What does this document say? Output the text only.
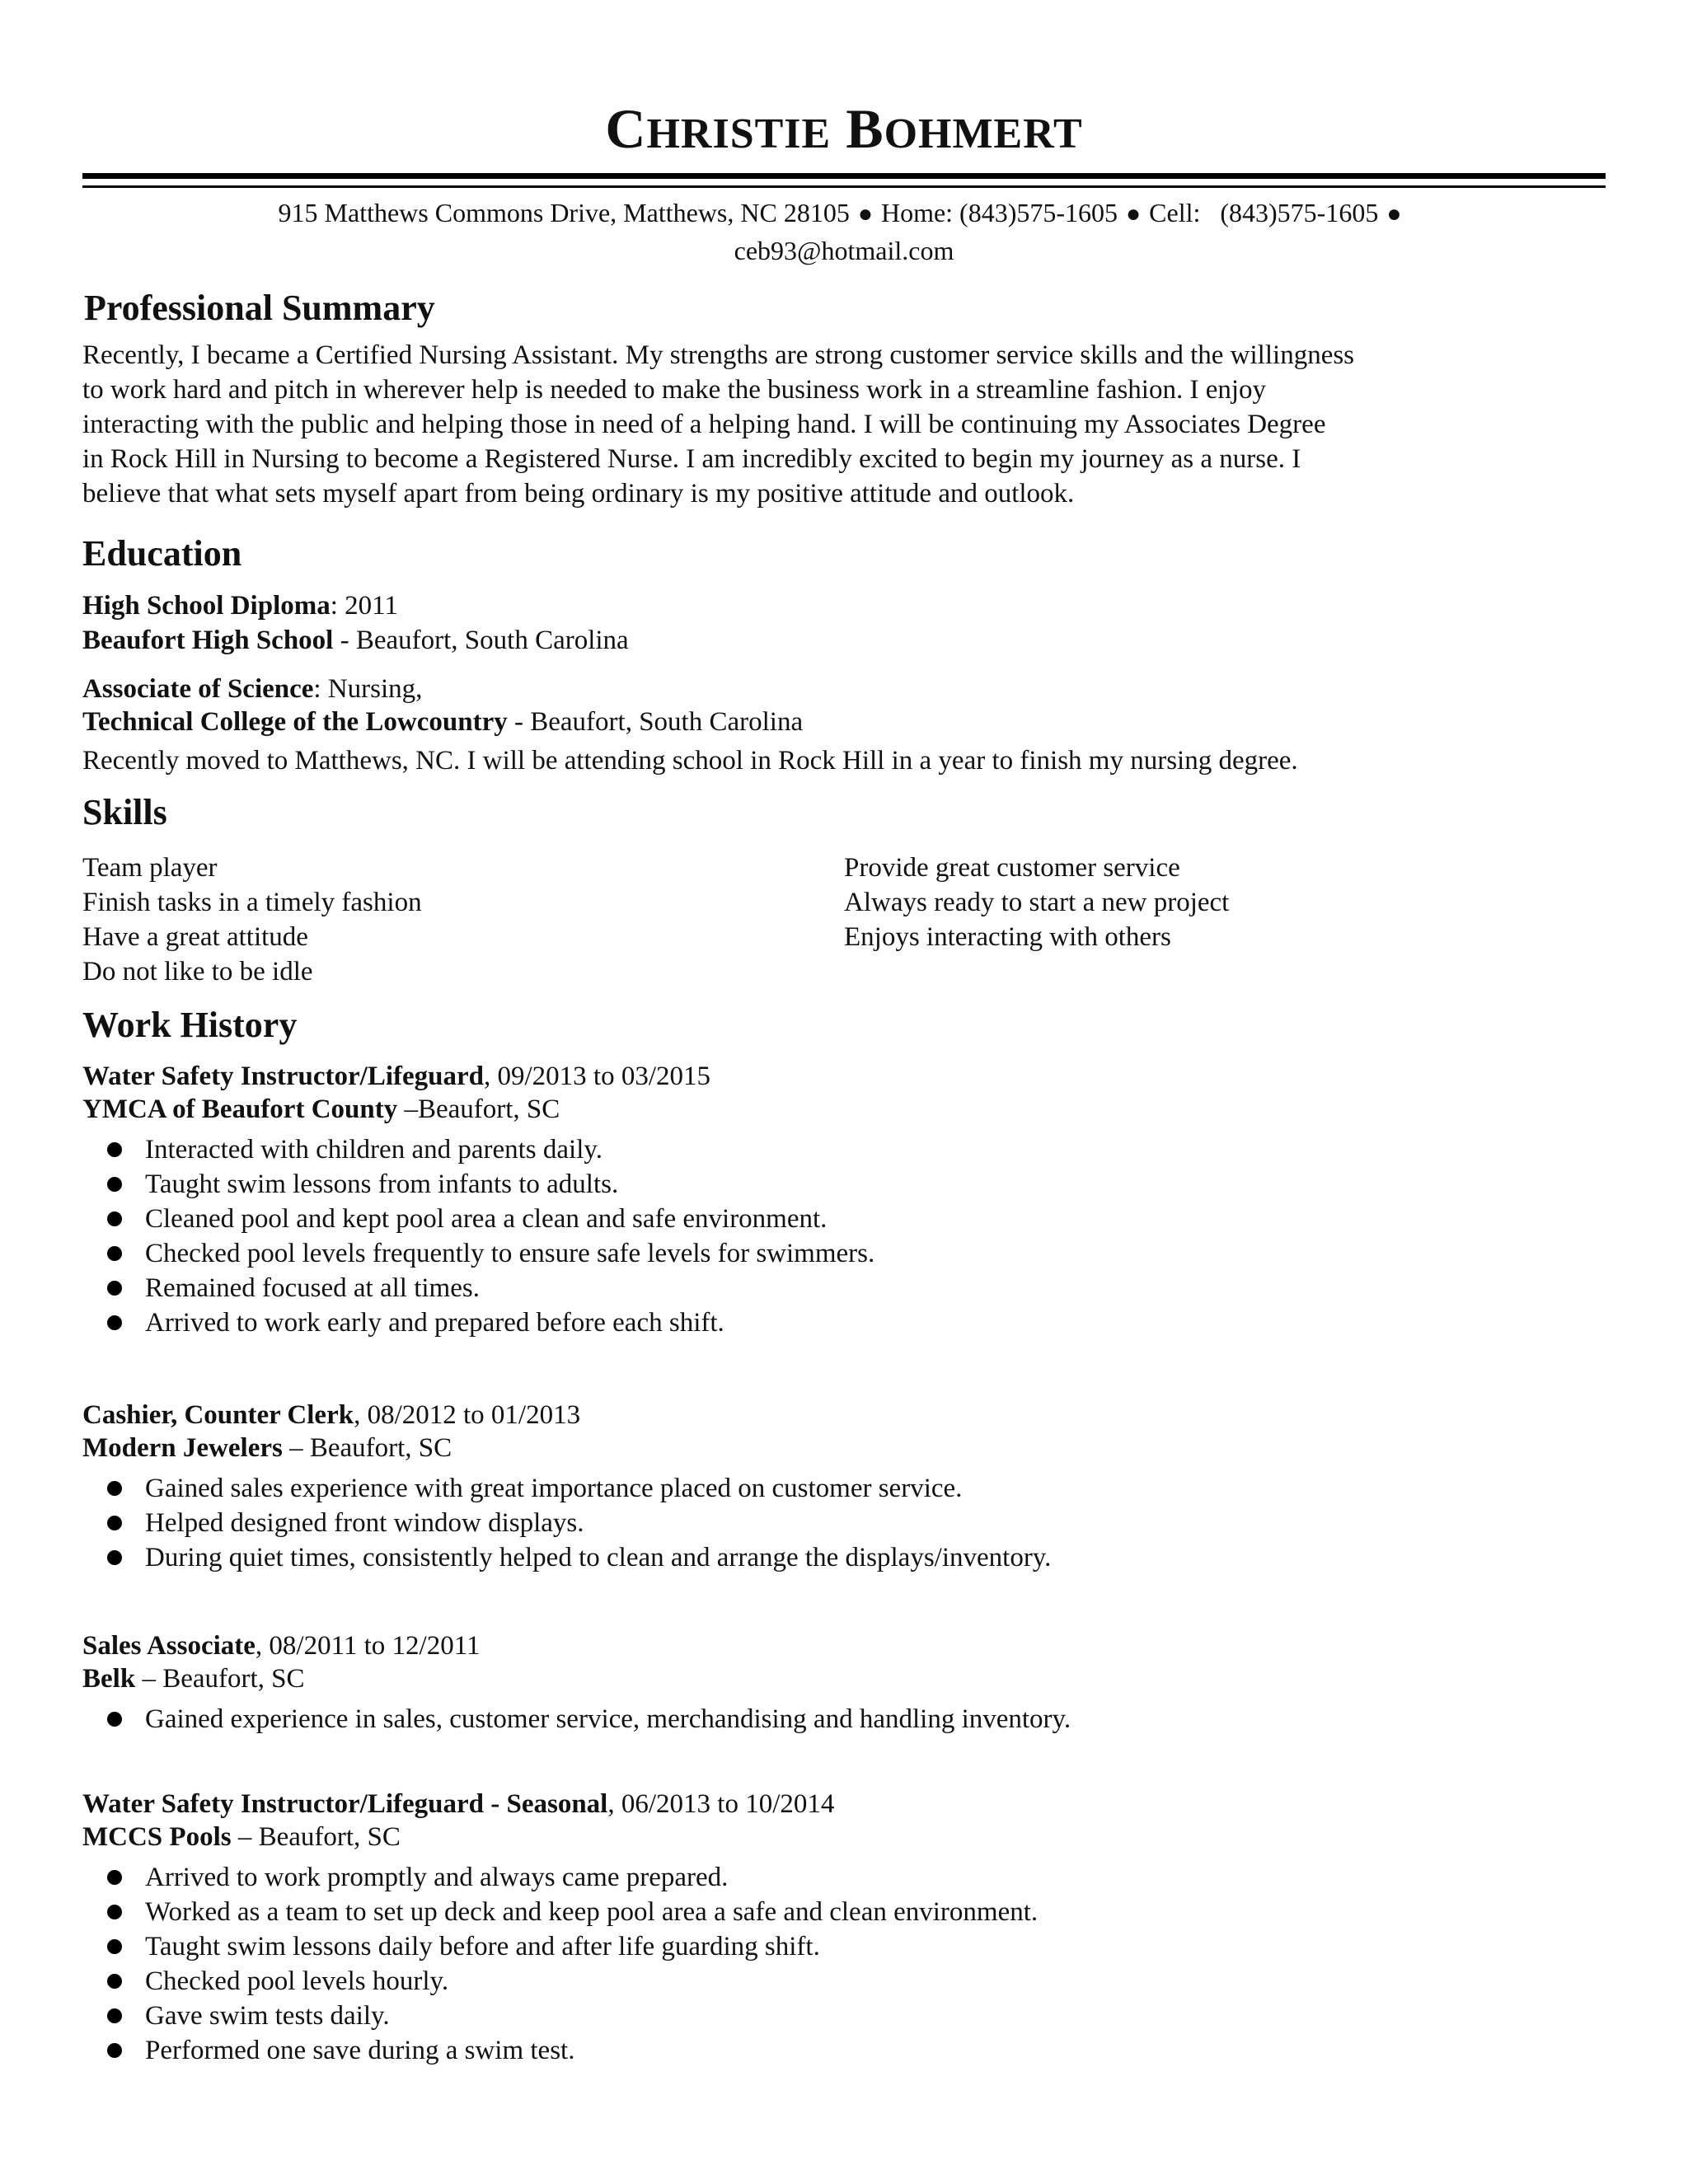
CHRISTIE BOHMERT
915 Matthews Commons Drive, Matthews, NC 28105 ● Home: (843)575-1605 ● Cell: (843)575-1605 ●
ceb93@hotmail.com
Professional Summary
Recently, I became a Certified Nursing Assistant. My strengths are strong customer service skills and the willingness
to work hard and pitch in wherever help is needed to make the business work in a streamline fashion. I enjoy
interacting with the public and helping those in need of a helping hand. I will be continuing my Associates Degree
in Rock Hill in Nursing to become a Registered Nurse. I am incredibly excited to begin my journey as a nurse. I
believe that what sets myself apart from being ordinary is my positive attitude and outlook.
Education
High School Diploma: 2011
Beaufort High School - Beaufort, South Carolina
Associate of Science: Nursing,
Technical College of the Lowcountry - Beaufort, South Carolina
Recently moved to Matthews, NC. I will be attending school in Rock Hill in a year to finish my nursing degree.
Skills
Team player
Finish tasks in a timely fashion
Have a great attitude
Do not like to be idle
Provide great customer service
Always ready to start a new project
Enjoys interacting with others
Work History
Water Safety Instructor/Lifeguard, 09/2013 to 03/2015
YMCA of Beaufort County –Beaufort, SC
Interacted with children and parents daily.
Taught swim lessons from infants to adults.
Cleaned pool and kept pool area a clean and safe environment.
Checked pool levels frequently to ensure safe levels for swimmers.
Remained focused at all times.
Arrived to work early and prepared before each shift.
Cashier, Counter Clerk, 08/2012 to 01/2013
Modern Jewelers – Beaufort, SC
Gained sales experience with great importance placed on customer service.
Helped designed front window displays.
During quiet times, consistently helped to clean and arrange the displays/inventory.
Sales Associate, 08/2011 to 12/2011
Belk – Beaufort, SC
Gained experience in sales, customer service, merchandising and handling inventory.
Water Safety Instructor/Lifeguard - Seasonal, 06/2013 to 10/2014
MCCS Pools – Beaufort, SC
Arrived to work promptly and always came prepared.
Worked as a team to set up deck and keep pool area a safe and clean environment.
Taught swim lessons daily before and after life guarding shift.
Checked pool levels hourly.
Gave swim tests daily.
Performed one save during a swim test.
